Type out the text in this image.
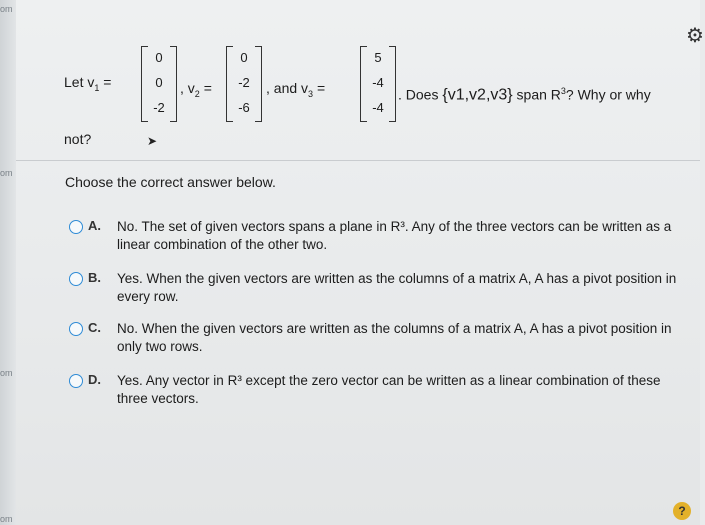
om
om
om
om
⚙
Let $v_1$ =
0
0
-2
, $v_2$ =
0
-2
-6
, and $v_3$ =
5
-4
-4
. Does {v1,v2,v3} span $R^3$? Why or why
not?	➤
Choose the correct answer below.
A. No. The set of given vectors spans a plane in R³. Any of the three vectors can be written as a linear combination of the other two.
B. Yes. When the given vectors are written as the columns of a matrix A, A has a pivot position in every row.
C. No. When the given vectors are written as the columns of a matrix A, A has a pivot position in only two rows.
D. Yes. Any vector in R³ except the zero vector can be written as a linear combination of these three vectors.
?
